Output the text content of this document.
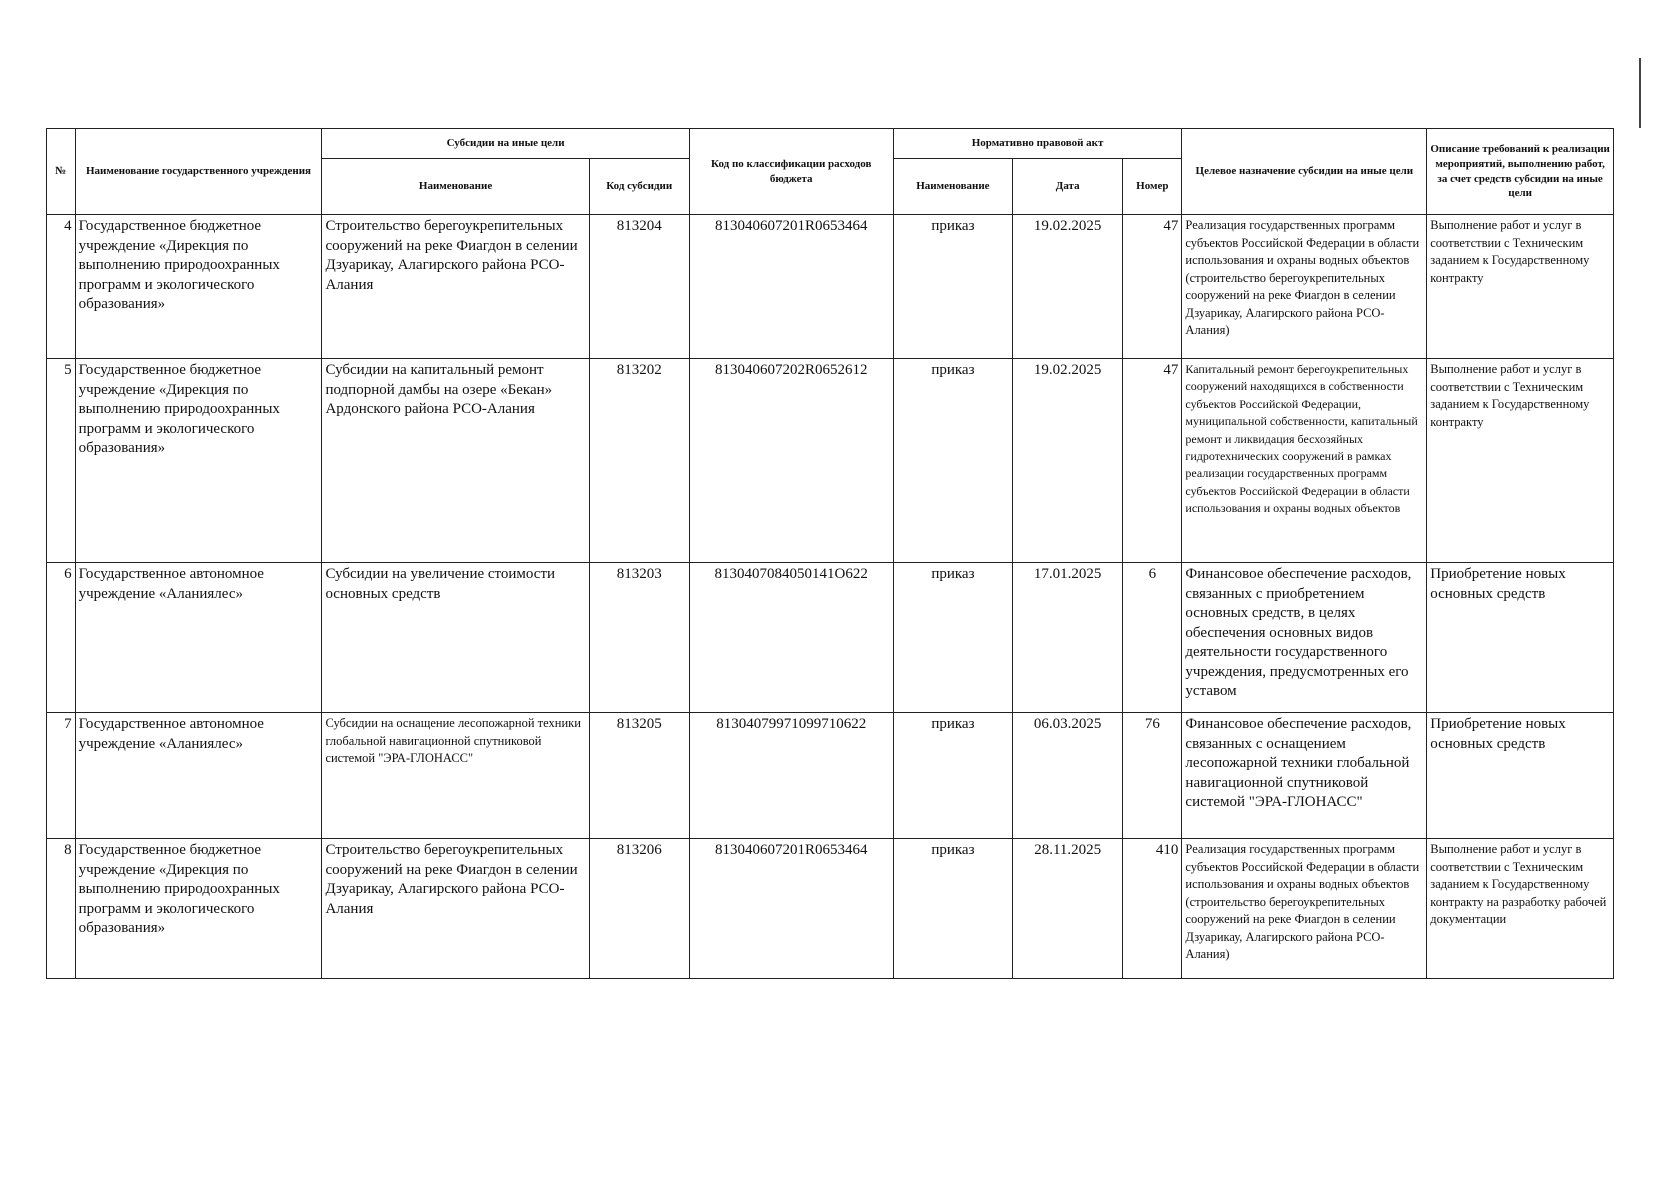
№	Наименование государственного учреждения	Субсидии на иные цели		Код по классификации расходов бюджета	Нормативно правовой акт			Целевое назначение субсидии на иные цели	Описание требований к реализации мероприятий, выполнению работ, за счет средств субсидии на иные цели
		Наименование	Код субсидии		Наименование	Дата	Номер		
4	Государственное бюджетное учреждение «Дирекция по выполнению природоохранных программ и экологического образования»	Строительство берегоукрепительных сооружений на реке Фиагдон в селении Дзуарикау, Алагирского района РСО-Алания	813204	813040607201R0653464	приказ	19.02.2025	47	Реализация государственных программ субъектов Российской Федерации в области использования и охраны водных объектов (строительство берегоукрепительных сооружений на реке Фиагдон в селении Дзуарикау, Алагирского района РСО-Алания)	Выполнение работ и услуг в соответствии с Техническим заданием к Государственному контракту
5	Государственное бюджетное учреждение «Дирекция по выполнению природоохранных программ и экологического образования»	Субсидии на капитальный ремонт подпорной дамбы на озере «Бекан» Ардонского района РСО-Алания	813202	813040607202R0652612	приказ	19.02.2025	47	Капитальный ремонт берегоукрепительных сооружений находящихся в собственности субъектов Российской Федерации, муниципальной собственности, капитальный ремонт и ликвидация бесхозяйных гидротехнических сооружений в рамках реализации государственных программ субъектов Российской Федерации в области использования и охраны водных объектов	Выполнение работ и услуг в соответствии с Техническим заданием к Государственному контракту
6	Государственное автономное учреждение «Аланиялес»	Субсидии на увеличение стоимости основных средств	813203	8130407084050141О622	приказ	17.01.2025	6	Финансовое обеспечение расходов, связанных с приобретением основных средств, в целях обеспечения основных видов деятельности государственного учреждения, предусмотренных его уставом	Приобретение новых основных средств
7	Государственное автономное учреждение «Аланиялес»	Субсидии на оснащение лесопожарной техники глобальной навигационной спутниковой системой "ЭРА-ГЛОНАСС"	813205	81304079971099710622	приказ	06.03.2025	76	Финансовое обеспечение расходов, связанных с оснащением лесопожарной техники глобальной навигационной спутниковой системой "ЭРА-ГЛОНАСС"	Приобретение новых основных средств
8	Государственное бюджетное учреждение «Дирекция по выполнению природоохранных программ и экологического образования»	Строительство берегоукрепительных сооружений на реке Фиагдон в селении Дзуарикау, Алагирского района РСО-Алания	813206	813040607201R0653464	приказ	28.11.2025	410	Реализация государственных программ субъектов Российской Федерации в области использования и охраны водных объектов (строительство берегоукрепительных сооружений на реке Фиагдон в селении Дзуарикау, Алагирского района РСО-Алания)	Выполнение работ и услуг в соответствии с Техническим заданием к Государственному контракту на разработку рабочей документации
